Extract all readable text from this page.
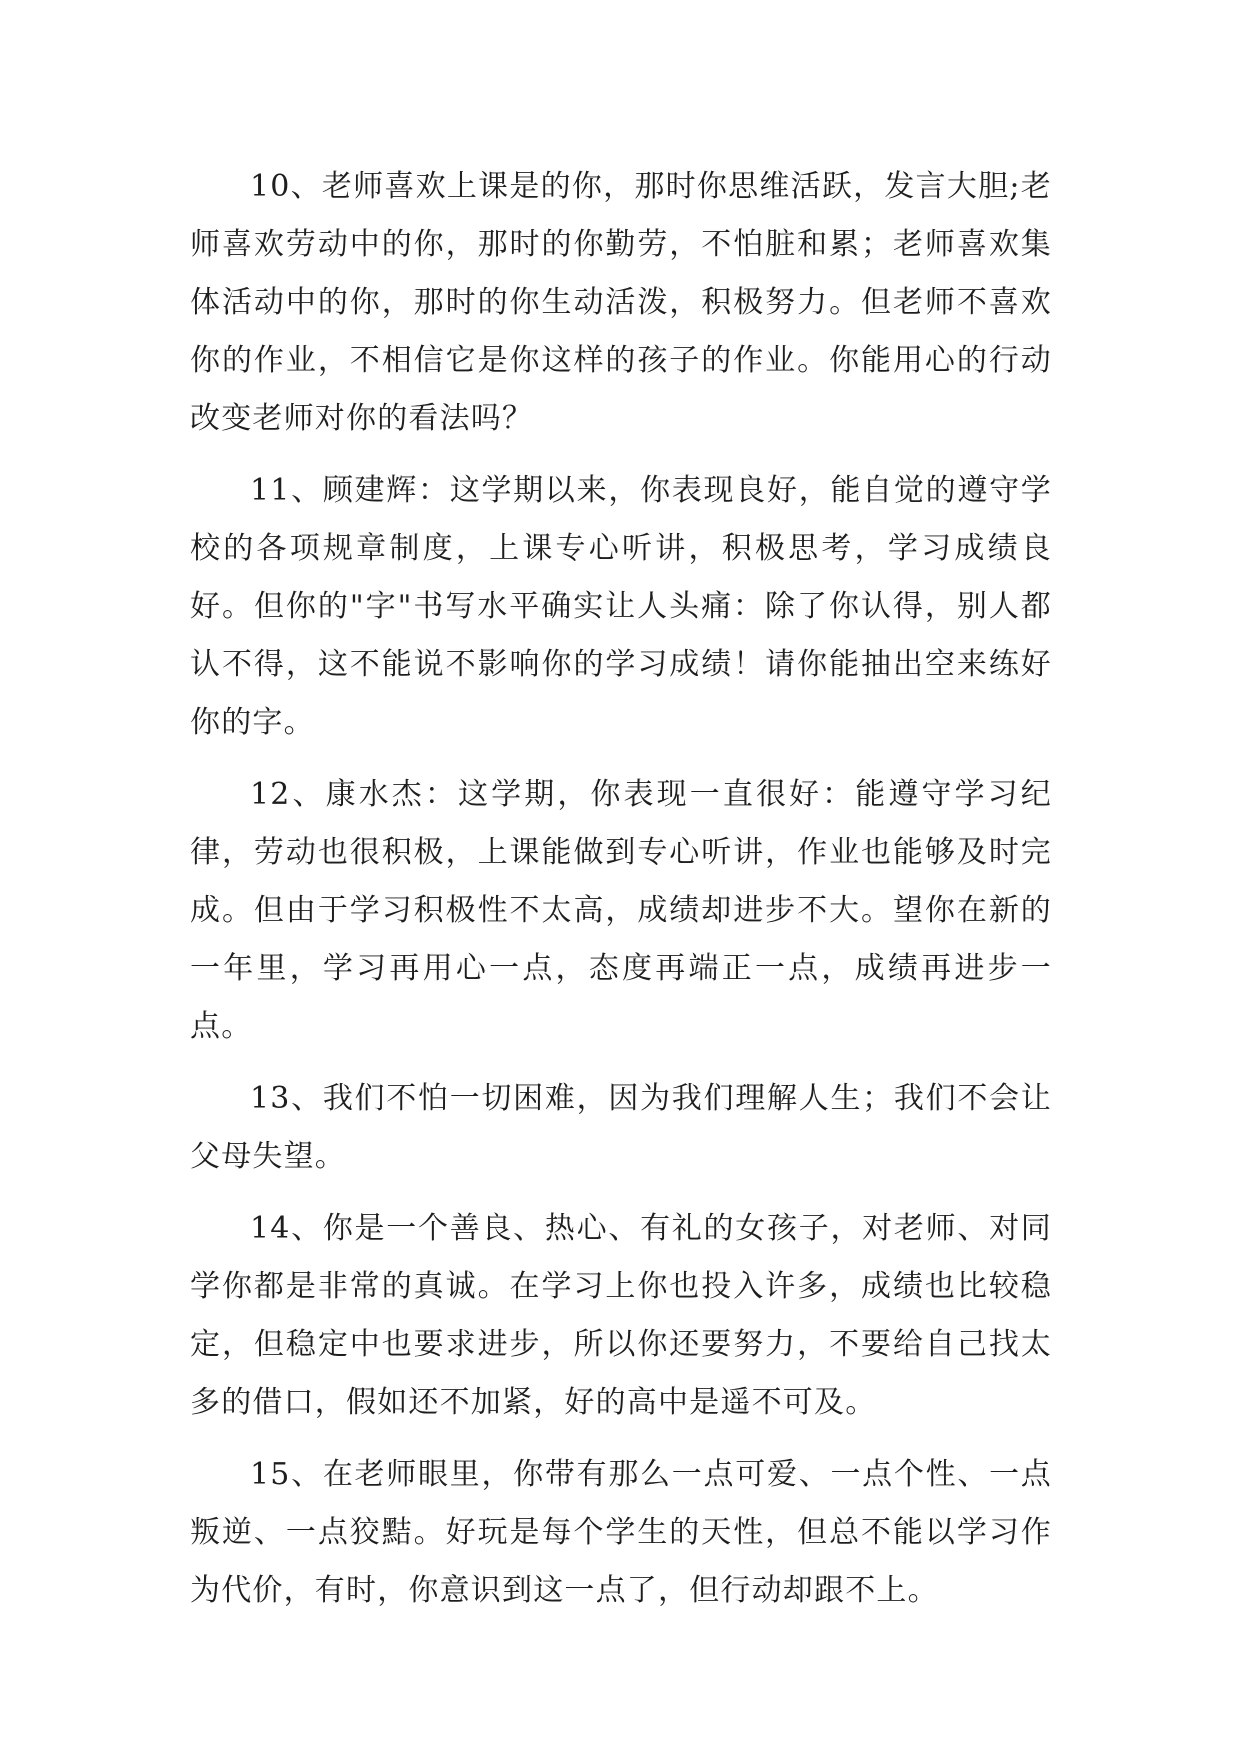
10、老师喜欢上课是的你，那时你思维活跃，发言大胆;老师喜欢劳动中的你，那时的你勤劳，不怕脏和累；老师喜欢集体活动中的你，那时的你生动活泼，积极努力。但老师不喜欢你的作业，不相信它是你这样的孩子的作业。你能用心的行动改变老师对你的看法吗？

11、顾建辉：这学期以来，你表现良好，能自觉的遵守学校的各项规章制度，上课专心听讲，积极思考，学习成绩良好。但你的"字"书写水平确实让人头痛：除了你认得，别人都认不得，这不能说不影响你的学习成绩！请你能抽出空来练好你的字。

12、康水杰：这学期，你表现一直很好：能遵守学习纪律，劳动也很积极，上课能做到专心听讲，作业也能够及时完成。但由于学习积极性不太高，成绩却进步不大。望你在新的一年里，学习再用心一点，态度再端正一点，成绩再进步一点。

13、我们不怕一切困难，因为我们理解人生；我们不会让父母失望。

14、你是一个善良、热心、有礼的女孩子，对老师、对同学你都是非常的真诚。在学习上你也投入许多，成绩也比较稳定，但稳定中也要求进步，所以你还要努力，不要给自己找太多的借口，假如还不加紧，好的高中是遥不可及。

15、在老师眼里，你带有那么一点可爱、一点个性、一点叛逆、一点狡黠。好玩是每个学生的天性，但总不能以学习作为代价，有时，你意识到这一点了，但行动却跟不上。
